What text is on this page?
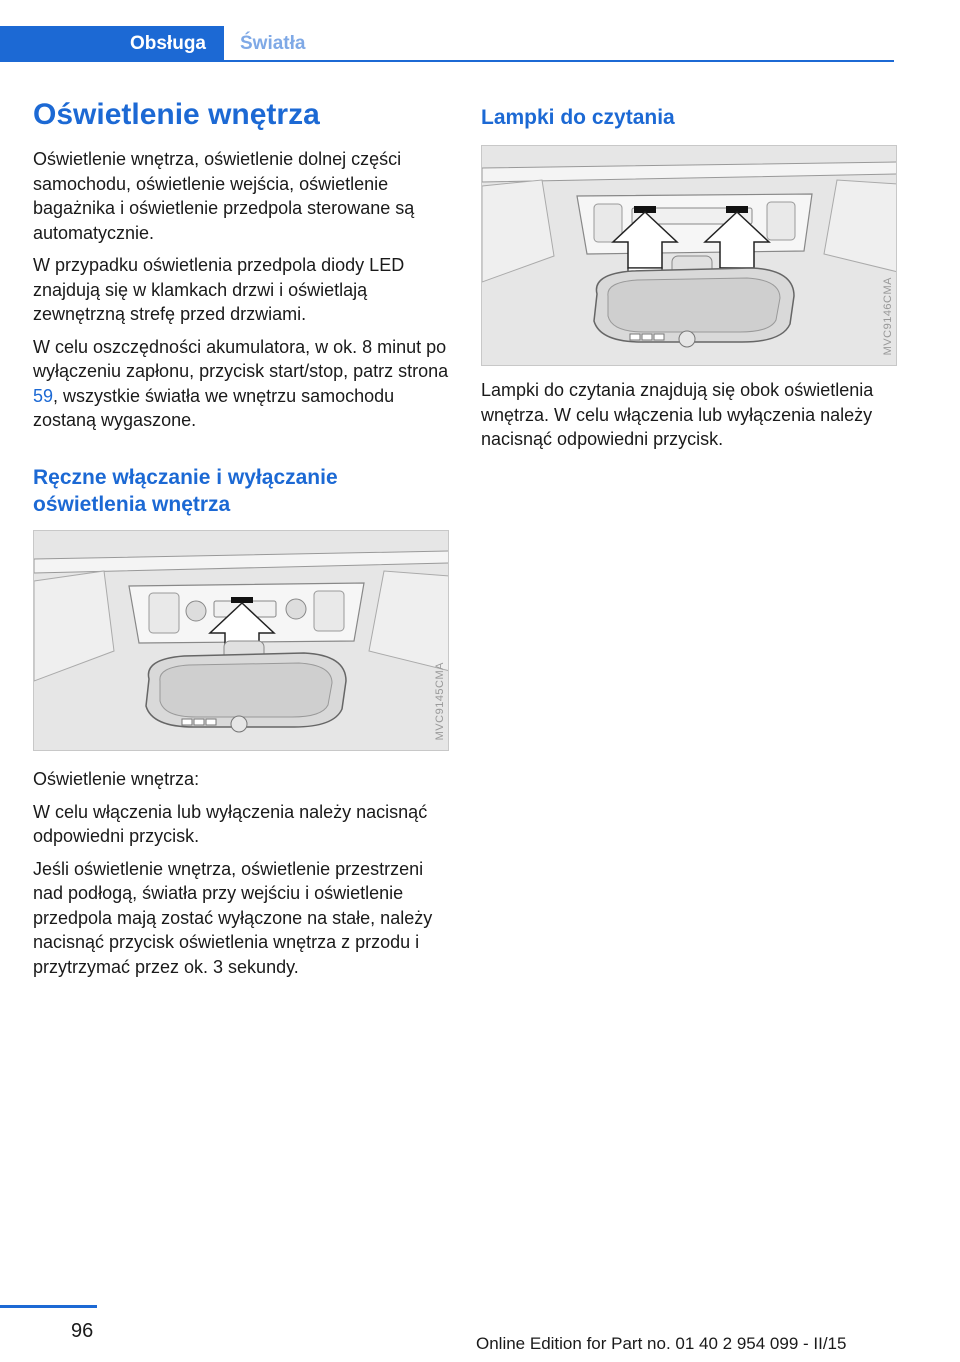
Obsługa Światła
Oświetlenie wnętrza

Oświetlenie wnętrza, oświetlenie dolnej części samochodu, oświetlenie wejścia, oświetlenie bagażnika i oświetlenie przedpola sterowane są automatycznie.

W przypadku oświetlenia przedpola diody LED znajdują się w klamkach drzwi i oświetlają zewnętrzną strefę przed drzwiami.

W celu oszczędności akumulatora, w ok. 8 minut po wyłączeniu zapłonu, przycisk start/stop, patrz strona 59, wszystkie światła we wnętrzu samochodu zostaną wygaszone.

Ręczne włączanie i wyłączanie oświetlenia wnętrza
MVC9145CMA

Oświetlenie wnętrza:

W celu włączenia lub wyłączenia należy nacisnąć odpowiedni przycisk.

Jeśli oświetlenie wnętrza, oświetlenie przestrzeni nad podłogą, światła przy wejściu i oświetlenie przedpola mają zostać wyłączone na stałe, należy nacisnąć przycisk oświetlenia wnętrza z przodu i przytrzymać przez ok. 3 sekundy.

Lampki do czytania
MVC9146CMA

Lampki do czytania znajdują się obok oświetlenia wnętrza. W celu włączenia lub wyłączenia należy nacisnąć odpowiedni przycisk.

96
Online Edition for Part no. 01 40 2 954 099 - II/15
